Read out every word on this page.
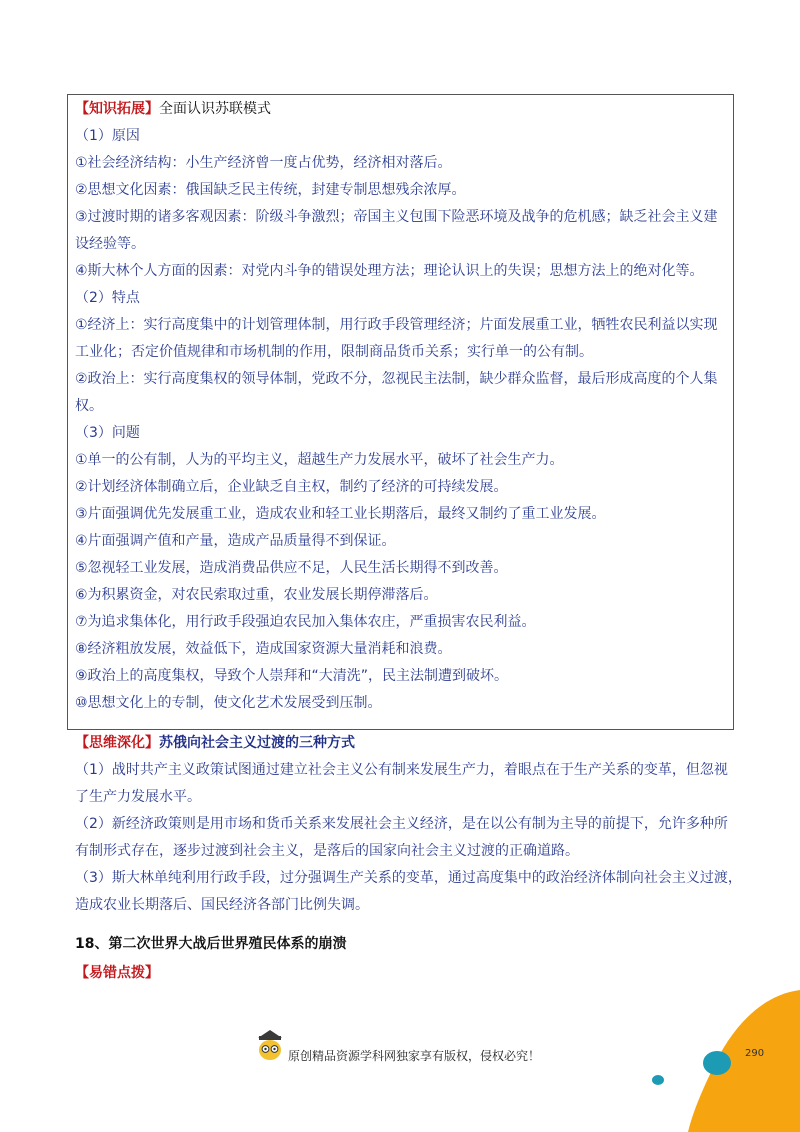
【知识拓展】全面认识苏联模式
（1）原因
①社会经济结构：小生产经济曾一度占优势，经济相对落后。
②思想文化因素：俄国缺乏民主传统，封建专制思想残余浓厚。
③过渡时期的诸多客观因素：阶级斗争激烈；帝国主义包围下险恶环境及战争的危机感；缺乏社会主义建
设经验等。
④斯大林个人方面的因素：对党内斗争的错误处理方法；理论认识上的失误；思想方法上的绝对化等。
（2）特点
①经济上：实行高度集中的计划管理体制，用行政手段管理经济；片面发展重工业，牺牲农民利益以实现
工业化；否定价值规律和市场机制的作用，限制商品货币关系；实行单一的公有制。
②政治上：实行高度集权的领导体制，党政不分，忽视民主法制，缺少群众监督，最后形成高度的个人集
权。
（3）问题
①单一的公有制，人为的平均主义，超越生产力发展水平，破坏了社会生产力。
②计划经济体制确立后，企业缺乏自主权，制约了经济的可持续发展。
③片面强调优先发展重工业，造成农业和轻工业长期落后，最终又制约了重工业发展。
④片面强调产值和产量，造成产品质量得不到保证。
⑤忽视轻工业发展，造成消费品供应不足，人民生活长期得不到改善。
⑥为积累资金，对农民索取过重，农业发展长期停滞落后。
⑦为追求集体化，用行政手段强迫农民加入集体农庄，严重损害农民利益。
⑧经济粗放发展，效益低下，造成国家资源大量消耗和浪费。
⑨政治上的高度集权，导致个人崇拜和“大清洗”，民主法制遭到破坏。
⑩思想文化上的专制，使文化艺术发展受到压制。
【思维深化】苏俄向社会主义过渡的三种方式
（1）战时共产主义政策试图通过建立社会主义公有制来发展生产力，着眼点在于生产关系的变革，但忽视
了生产力发展水平。
（2）新经济政策则是用市场和货币关系来发展社会主义经济，是在以公有制为主导的前提下，允许多种所
有制形式存在，逐步过渡到社会主义，是落后的国家向社会主义过渡的正确道路。
（3）斯大林单纯利用行政手段，过分强调生产关系的变革，通过高度集中的政治经济体制向社会主义过渡，
造成农业长期落后、国民经济各部门比例失调。
18、第二次世界大战后世界殖民体系的崩溃
【易错点拨】
原创精品资源学科网独家享有版权，侵权必究！	290
